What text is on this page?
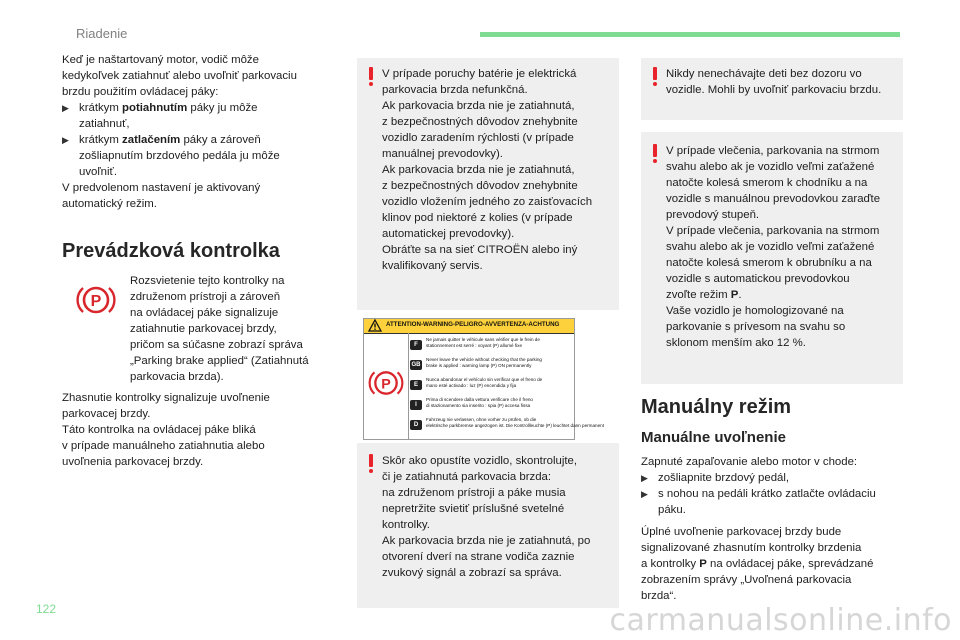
Riadenie
Keď je naštartovaný motor, vodič môže
kedykoľvek zatiahnuť alebo uvoľniť parkovaciu
brzdu použitím ovládacej páky:
▶ krátkym potiahnutím páky ju môže
zatiahnuť,
▶ krátkym zatlačením páky a zároveň
zošliapnutím brzdového pedála ju môže
uvoľniť.
V predvolenom nastavení je aktivovaný
automatický režim.
Prevádzková kontrolka
P
Rozsvietenie tejto kontrolky na
združenom prístroji a zároveň
na ovládacej páke signalizuje
zatiahnutie parkovacej brzdy,
pričom sa súčasne zobrazí správa
„Parking brake applied“ (Zatiahnutá
parkovacia brzda).
Zhasnutie kontrolky signalizuje uvoľnenie
parkovacej brzdy.
Táto kontrolka na ovládacej páke bliká
v prípade manuálneho zatiahnutia alebo
uvoľnenia parkovacej brzdy.
V prípade poruchy batérie je elektrická
parkovacia brzda nefunkčná.
Ak parkovacia brzda nie je zatiahnutá,
z bezpečnostných dôvodov znehybnite
vozidlo zaradením rýchlosti (v prípade
manuálnej prevodovky).
Ak parkovacia brzda nie je zatiahnutá,
z bezpečnostných dôvodov znehybnite
vozidlo vložením jedného zo zaisťovacích
klinov pod niektoré z kolies (v prípade
automatickej prevodovky).
Obráťte sa na sieť CITROËN alebo iný
kvalifikovaný servis.
ATTENTION-WARNING-PELIGRO-AVVERTENZA-ACHTUNG
P
F
Ne jamais quitter le véhicule sans vérifier que le frein de
stationnement est serré : voyant (P) allumé fixe
GB
Never leave the vehicle without checking that the parking
brake is applied : warning lamp (P) ON permanently
E
Nunca abandonar el vehículo sin verificar que el freno de
mano esté activado : luz (P) encendida y fija
I
Prima di scendere dalla vettura verificare che il freno
di stazionamento sia inserito : spia (P) accesa fissa
D
Fahrzeug nie verlassen, ohne vorher zu prüfen, ob die
elektrische parkbremse angezogen ist. Die Kontrollleuchte (P) leuchtet dann permanent
Skôr ako opustíte vozidlo, skontrolujte,
či je zatiahnutá parkovacia brzda:
na združenom prístroji a páke musia
nepretržite svietiť príslušné svetelné
kontrolky.
Ak parkovacia brzda nie je zatiahnutá, po
otvorení dverí na strane vodiča zaznie
zvukový signál a zobrazí sa správa.
Nikdy nenechávajte deti bez dozoru vo
vozidle. Mohli by uvoľniť parkovaciu brzdu.
V prípade vlečenia, parkovania na strmom
svahu alebo ak je vozidlo veľmi zaťažené
natočte kolesá smerom k chodníku a na
vozidle s manuálnou prevodovkou zaraďte
prevodový stupeň.
V prípade vlečenia, parkovania na strmom
svahu alebo ak je vozidlo veľmi zaťažené
natočte kolesá smerom k obrubníku a na
vozidle s automatickou prevodovkou
zvoľte režim P.
Vaše vozidlo je homologizované na
parkovanie s prívesom na svahu so
sklonom menším ako 12 %.
Manuálny režim
Manuálne uvoľnenie
Zapnuté zapaľovanie alebo motor v chode:
▶ zošliapnite brzdový pedál,
▶ s nohou na pedáli krátko zatlačte ovládaciu
páku.
Úplné uvoľnenie parkovacej brzdy bude
signalizované zhasnutím kontrolky brzdenia
a kontrolky P na ovládacej páke, sprevádzané
zobrazením správy „Uvoľnená parkovacia
brzda“.
122	carmanualsonline.info
